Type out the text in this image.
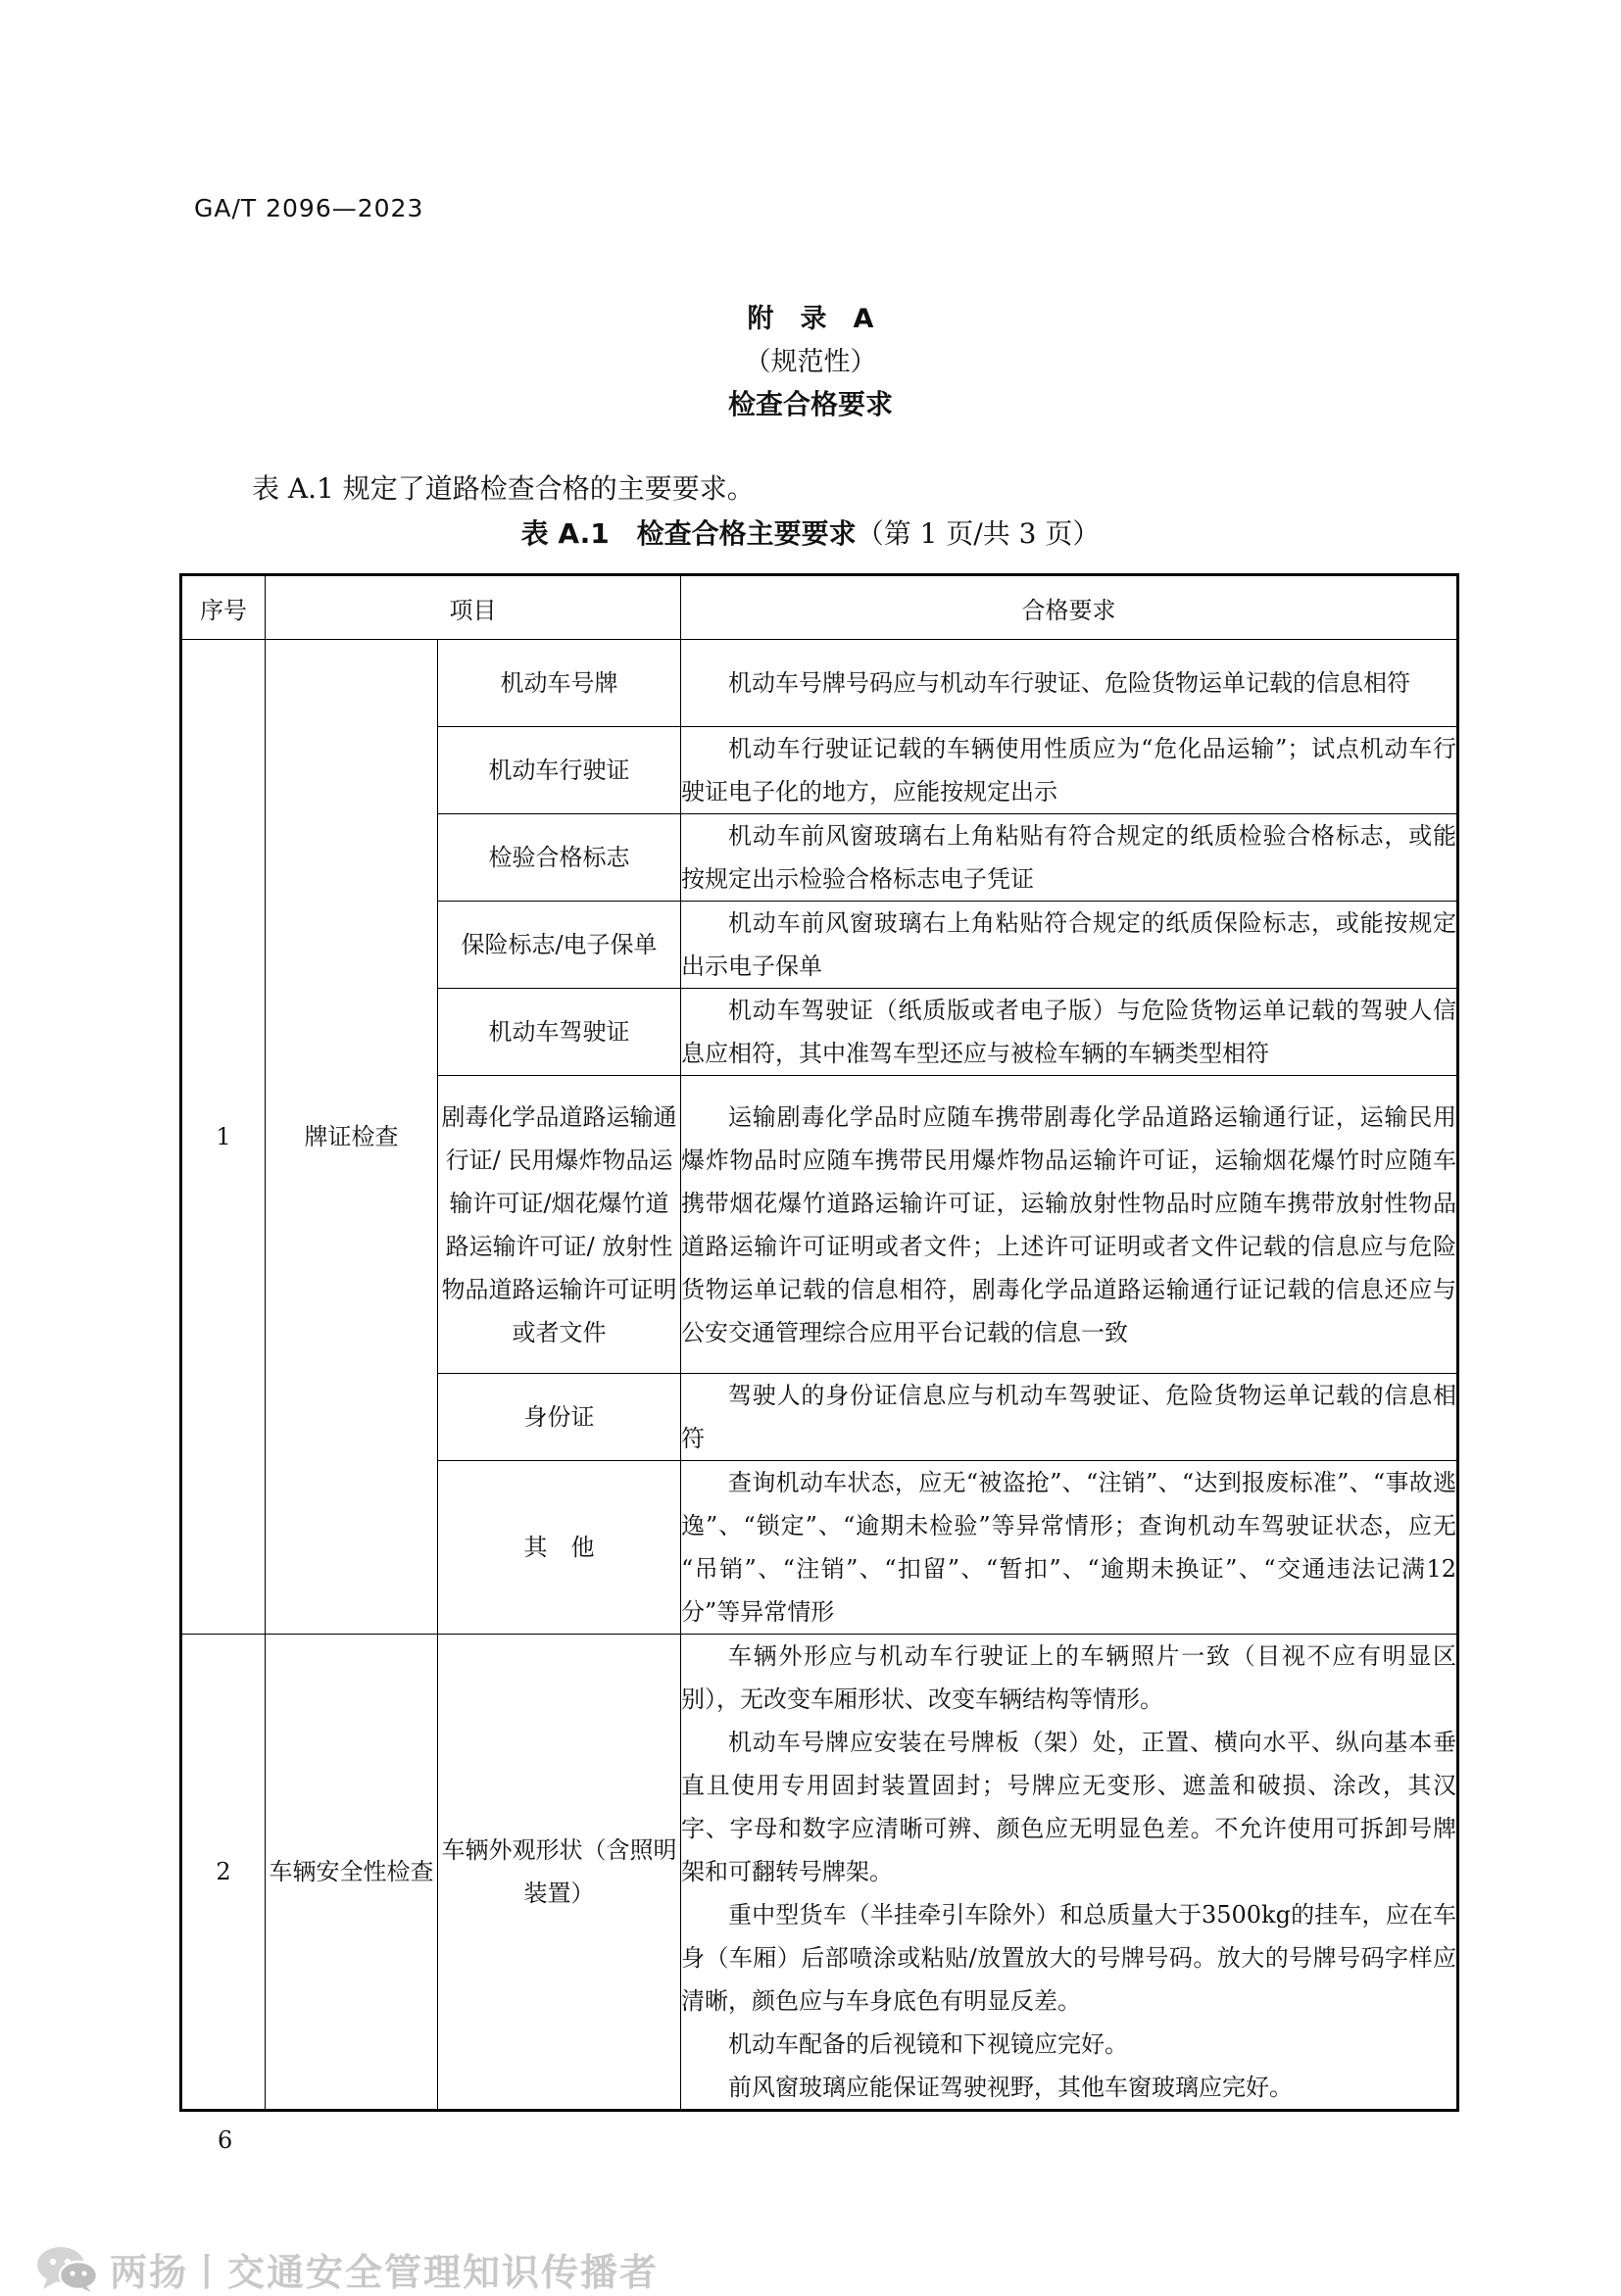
GA/T 2096—2023
附　录　A
（规范性）
检查合格要求
表 A.1 规定了道路检查合格的主要要求。
表 A.1　检查合格主要要求（第 1 页/共 3 页）
序号	项目		合格要求
1	牌证检查	机动车号牌	机动车号牌号码应与机动车行驶证、危险货物运单记载的信息相符

		机动车行驶证	机动车行驶证记载的车辆使用性质应为“危化品运输”；试点机动车行驶证电子化的地方，应能按规定出示

		检验合格标志	机动车前风窗玻璃右上角粘贴有符合规定的纸质检验合格标志，或能按规定出示检验合格标志电子凭证

		保险标志/电子保单	机动车前风窗玻璃右上角粘贴符合规定的纸质保险标志，或能按规定出示电子保单

		机动车驾驶证	机动车驾驶证（纸质版或者电子版）与危险货物运单记载的驾驶人信息应相符，其中准驾车型还应与被检车辆的车辆类型相符

		剧毒化学品道路运输通行证/ 民用爆炸物品运输许可证/烟花爆竹道路运输许可证/ 放射性物品道路运输许可证明或者文件	运输剧毒化学品时应随车携带剧毒化学品道路运输通行证，运输民用爆炸物品时应随车携带民用爆炸物品运输许可证，运输烟花爆竹时应随车携带烟花爆竹道路运输许可证，运输放射性物品时应随车携带放射性物品道路运输许可证明或者文件；上述许可证明或者文件记载的信息应与危险货物运单记载的信息相符，剧毒化学品道路运输通行证记载的信息还应与公安交通管理综合应用平台记载的信息一致

		身份证	驾驶人的身份证信息应与机动车驾驶证、危险货物运单记载的信息相符

		其　他	查询机动车状态，应无“被盗抢”、“注销”、“达到报废标准”、“事故逃逸”、“锁定”、“逾期未检验”等异常情形；查询机动车驾驶证状态，应无 “吊销”、“注销”、“扣留”、“暂扣”、“逾期未换证”、“交通违法记满12分”等异常情形

2	车辆安全性检查	车辆外观形状（含照明装置）	车辆外形应与机动车行驶证上的车辆照片一致（目视不应有明显区别），无改变车厢形状、改变车辆结构等情形。

机动车号牌应安装在号牌板（架）处，正置、横向水平、纵向基本垂直且使用专用固封装置固封；号牌应无变形、遮盖和破损、涂改，其汉字、字母和数字应清晰可辨、颜色应无明显色差。不允许使用可拆卸号牌架和可翻转号牌架。

重中型货车（半挂牵引车除外）和总质量大于3500kg的挂车，应在车身（车厢）后部喷涂或粘贴/放置放大的号牌号码。放大的号牌号码字样应清晰，颜色应与车身底色有明显反差。

机动车配备的后视镜和下视镜应完好。

前风窗玻璃应能保证驾驶视野，其他车窗玻璃应完好。

6
两扬丨交通安全管理知识传播者
